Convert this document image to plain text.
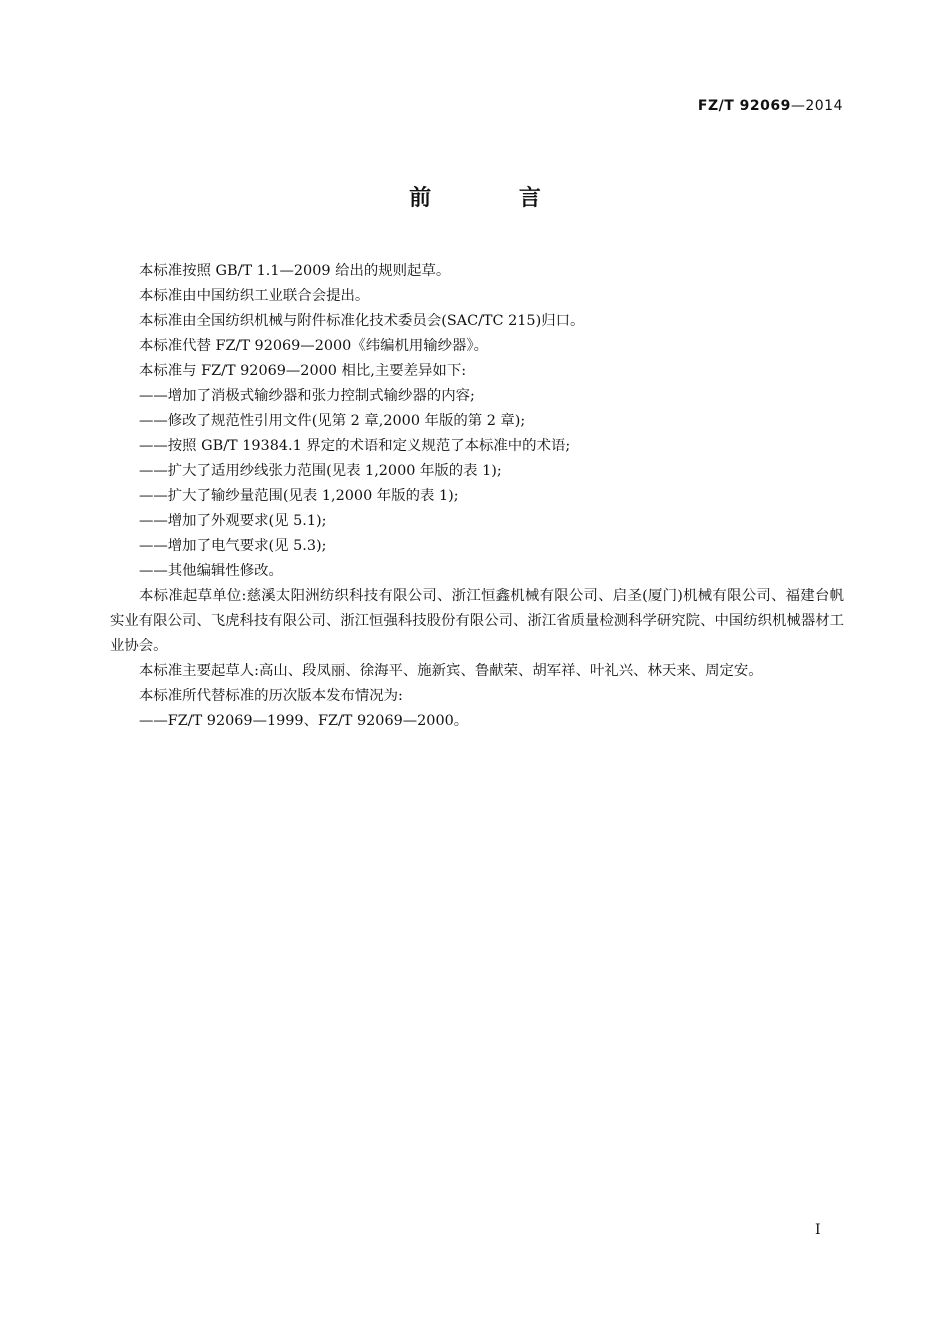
FZ/T 92069—2014
前 言

本标准按照 GB/T 1.1—2009 给出的规则起草。

本标准由中国纺织工业联合会提出。

本标准由全国纺织机械与附件标准化技术委员会(SAC/TC 215)归口。

本标准代替 FZ/T 92069—2000《纬编机用输纱器》。

本标准与 FZ/T 92069—2000 相比,主要差异如下:

——增加了消极式输纱器和张力控制式输纱器的内容;

——修改了规范性引用文件(见第 2 章,2000 年版的第 2 章);

——按照 GB/T 19384.1 界定的术语和定义规范了本标准中的术语;

——扩大了适用纱线张力范围(见表 1,2000 年版的表 1);

——扩大了输纱量范围(见表 1,2000 年版的表 1);

——增加了外观要求(见 5.1);

——增加了电气要求(见 5.3);

——其他编辑性修改。

本标准起草单位:慈溪太阳洲纺织科技有限公司、浙江恒鑫机械有限公司、启圣(厦门)机械有限公司、福建台帆实业有限公司、飞虎科技有限公司、浙江恒强科技股份有限公司、浙江省质量检测科学研究院、中国纺织机械器材工业协会。

本标准主要起草人:高山、段凤丽、徐海平、施新宾、鲁献荣、胡军祥、叶礼兴、林天来、周定安。

本标准所代替标准的历次版本发布情况为:

——FZ/T 92069—1999、FZ/T 92069—2000。

I
